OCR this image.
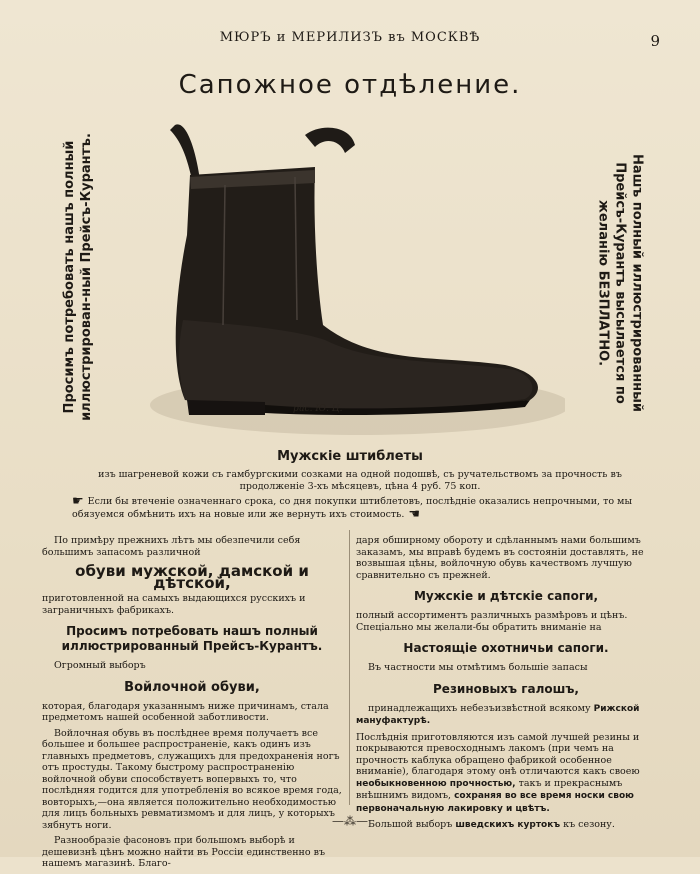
МЮРЪ и МЕРИЛИЗЪ въ МОСКВѢ	9
Сапожное отдѣление.
Просимъ потребовать нашъ полный иллюстрирован-ный Прейсъ-Курантъ.	Нашъ полный иллюстрированный Прейсъ-Курантъ высылается по желанію БЕЗПЛАТНО.
рис. Ю. Ц.
Мужскіе штиблеты
изъ шагреневой кожи съ гамбургскими созками на одной подошвѣ, съ ручательствомъ за прочность въ продолженіе 3-хъ мѣсяцевъ, цѣна 4 руб. 75 коп.
☛ Если бы втеченіе означеннаго срока, со дня покупки штиблетовъ, послѣдніе оказались непрочными, то мы обязуемся обмѣнить ихъ на новые или же вернуть ихъ стоимость. ☚

По примѣру прежнихъ лѣтъ мы обезпечили себя большимъ запасомъ различной

обуви мужской, дамской и дѣтской,

приготовленной на самыхъ выдающихся русскихъ и заграничныхъ фабрикахъ.

Просимъ потребовать нашъ полный иллюстрированный Прейсъ-Курантъ.

Огромный выборъ

Войлочной обуви,

которая, благодаря указаннымъ ниже причинамъ, стала предметомъ нашей особенной заботливости.

Войлочная обувь въ послѣднее время получаетъ все большее и большее распространеніе, какъ одинъ изъ главныхъ предметовъ, служащихъ для предохраненія ногъ отъ простуды. Такому быстрому распространенію войлочной обуви способствуетъ вопервыхъ то, что послѣдняя годится для употребленія во всякое время года, вовторыхъ,—она является положительно необходимостью для лицъ больныхъ ревматизмомъ и для лицъ, у которыхъ зябнутъ ноги.

Разнообразіе фасоновъ при большомъ выборѣ и дешевизнѣ цѣнъ можно найти въ Россіи единственно въ нашемъ магазинѣ. Благо-

даря обширному обороту и сдѣланнымъ нами большимъ заказамъ, мы вправѣ будемъ въ состояніи доставлять, не возвышая цѣны, войлочную обувь качествомъ лучшую сравнительно съ прежней.

Мужскіе и дѣтскіе сапоги,

полный ассортиментъ различныхъ размѣровъ и цѣнъ. Спеціально мы желали-бы обратить вниманіе на

Настоящіе охотничьи сапоги.

Въ частности мы отмѣтимъ большіе запасы

Резиновыхъ галошъ,

принадлежащихъ небезъизвѣстной всякому Рижской мануфактурѣ.

Послѣднія приготовляются изъ самой лучшей резины и покрываются превосходнымъ лакомъ (при чемъ на прочность каблука обращено фабрикой особенное вниманіе), благодаря этому онѣ отличаются какъ своею необыкновенною прочностью, такъ и прекраснымъ внѣшнимъ видомъ, сохраняя во все время носки свою первоначальную лакировку и цвѣтъ.

Большой выборъ шведскихъ куртокъ къ сезону.

—⁂—
